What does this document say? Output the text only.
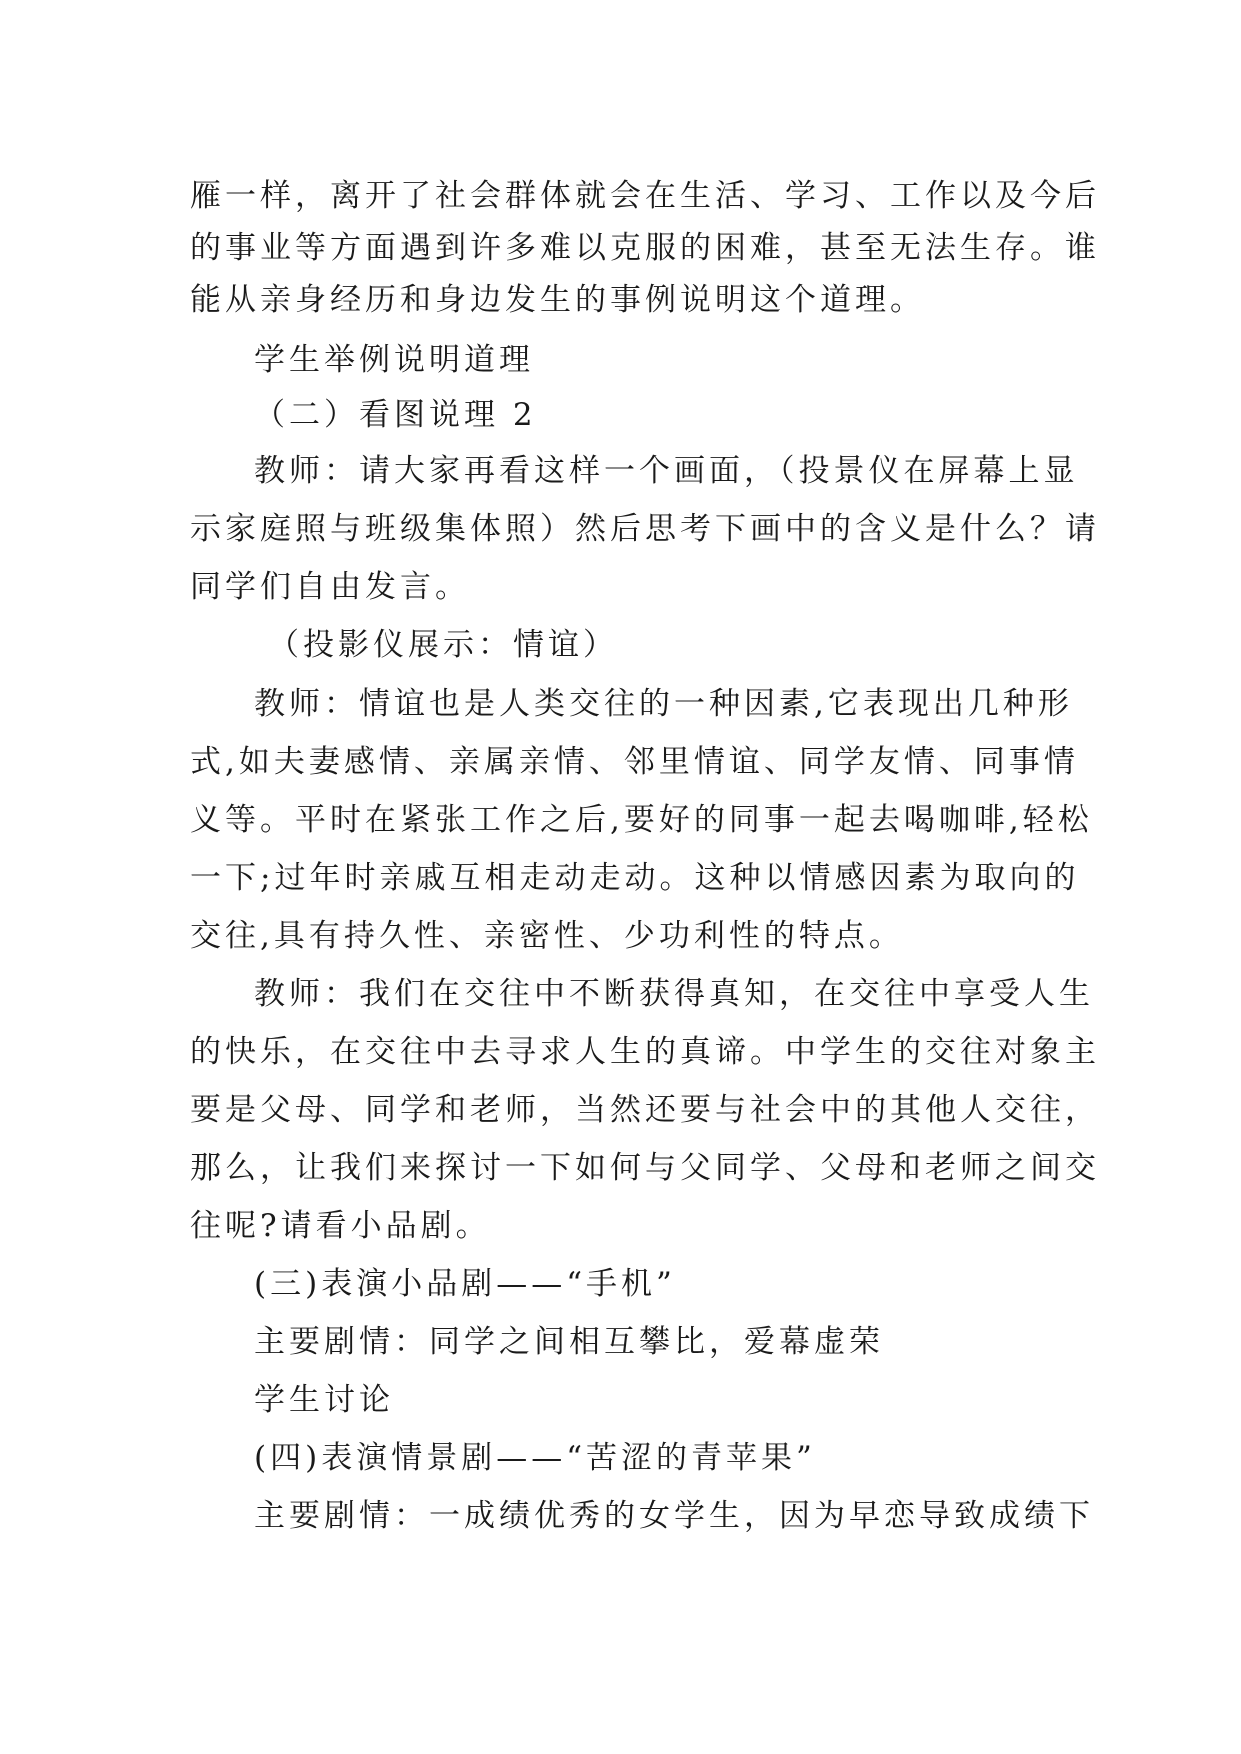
雁一样，离开了社会群体就会在生活、学习、工作以及今后
的事业等方面遇到许多难以克服的困难，甚至无法生存。谁
能从亲身经历和身边发生的事例说明这个道理。
学生举例说明道理
（二）看图说理 2
教师：请大家再看这样一个画面，（投景仪在屏幕上显
示家庭照与班级集体照）然后思考下画中的含义是什么？请
同学们自由发言。
（投影仪展示：情谊）
教师：情谊也是人类交往的一种因素,它表现出几种形
式,如夫妻感情、亲属亲情、邻里情谊、同学友情、同事情
义等。平时在紧张工作之后,要好的同事一起去喝咖啡,轻松
一下;过年时亲戚互相走动走动。这种以情感因素为取向的
交往,具有持久性、亲密性、少功利性的特点。
教师：我们在交往中不断获得真知，在交往中享受人生
的快乐，在交往中去寻求人生的真谛。中学生的交往对象主
要是父母、同学和老师，当然还要与社会中的其他人交往，
那么，让我们来探讨一下如何与父同学、父母和老师之间交
往呢?请看小品剧。
(三)表演小品剧——“手机”
主要剧情：同学之间相互攀比，爱幕虚荣
学生讨论
(四)表演情景剧——“苦涩的青苹果”
主要剧情：一成绩优秀的女学生，因为早恋导致成绩下
